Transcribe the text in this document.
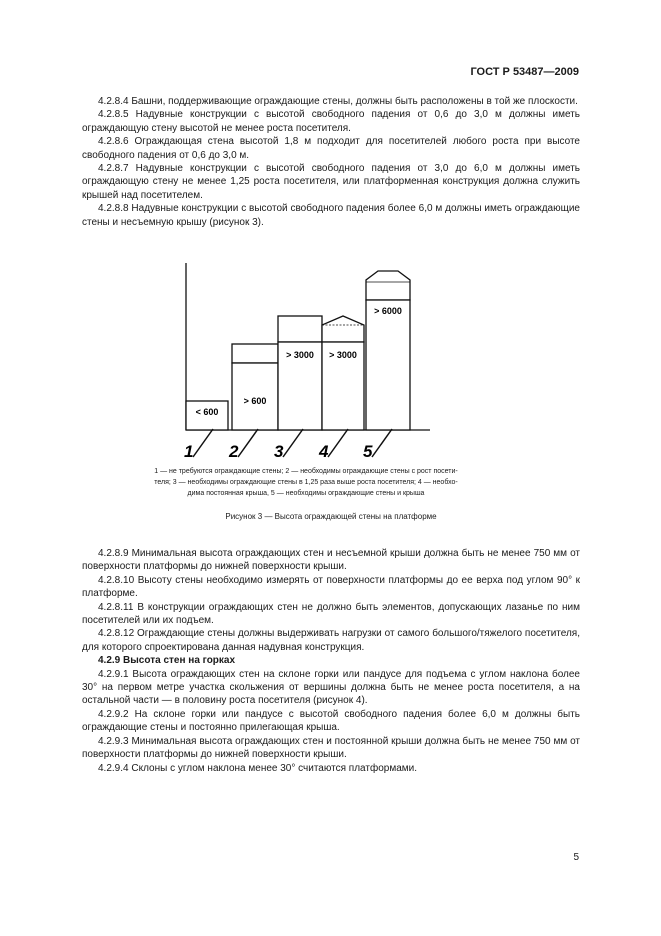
ГОСТ Р 53487—2009

4.2.8.4 Башни, поддерживающие ограждающие стены, должны быть расположены в той же плоскости.

4.2.8.5 Надувные конструкции с высотой свободного падения от 0,6 до 3,0 м должны иметь ограждающую стену высотой не менее роста посетителя.

4.2.8.6 Ограждающая стена высотой 1,8 м подходит для посетителей любого роста при высоте свободного падения от 0,6 до 3,0 м.

4.2.8.7 Надувные конструкции с высотой свободного падения от 3,0 до 6,0 м должны иметь ограждающую стену не менее 1,25 роста посетителя, или платформенная конструкция должна служить крышей над посетителем.

4.2.8.8 Надувные конструкции с высотой свободного падения более 6,0 м должны иметь ограждающие стены и несъемную крышу (рисунок 3).

< 600
> 600
> 3000 > 3000
> 6000
1 2 3 4 5
1 — не требуются ограждающие стены; 2 — необходимы ограждающие стены с рост посети-
теля; 3 — необходимы ограждающие стены в 1,25 раза выше роста посетителя; 4 — необхо-
дима постоянная крыша, 5 — необходимы ограждающие стены и крыша
Рисунок 3 — Высота ограждающей стены на платформе

4.2.8.9 Минимальная высота ограждающих стен и несъемной крыши должна быть не менее 750 мм от поверхности платформы до нижней поверхности крыши.

4.2.8.10 Высоту стены необходимо измерять от поверхности платформы до ее верха под углом 90° к платформе.

4.2.8.11 В конструкции ограждающих стен не должно быть элементов, допускающих лазанье по ним посетителей или их подъем.

4.2.8.12 Ограждающие стены должны выдерживать нагрузки от самого большого/тяжелого посетителя, для которого спроектирована данная надувная конструкция.

4.2.9 Высота стен на горках

4.2.9.1 Высота ограждающих стен на склоне горки или пандусе для подъема с углом наклона более 30° на первом метре участка скольжения от вершины должна быть не менее роста посетителя, а на остальной части — в половину роста посетителя (рисунок 4).

4.2.9.2 На склоне горки или пандусе с высотой свободного падения более 6,0 м должны быть ограждающие стены и постоянно прилегающая крыша.

4.2.9.3 Минимальная высота ограждающих стен и постоянной крыши должна быть не менее 750 мм от поверхности платформы до нижней поверхности крыши.

4.2.9.4 Склоны с углом наклона менее 30° считаются платформами.

5
